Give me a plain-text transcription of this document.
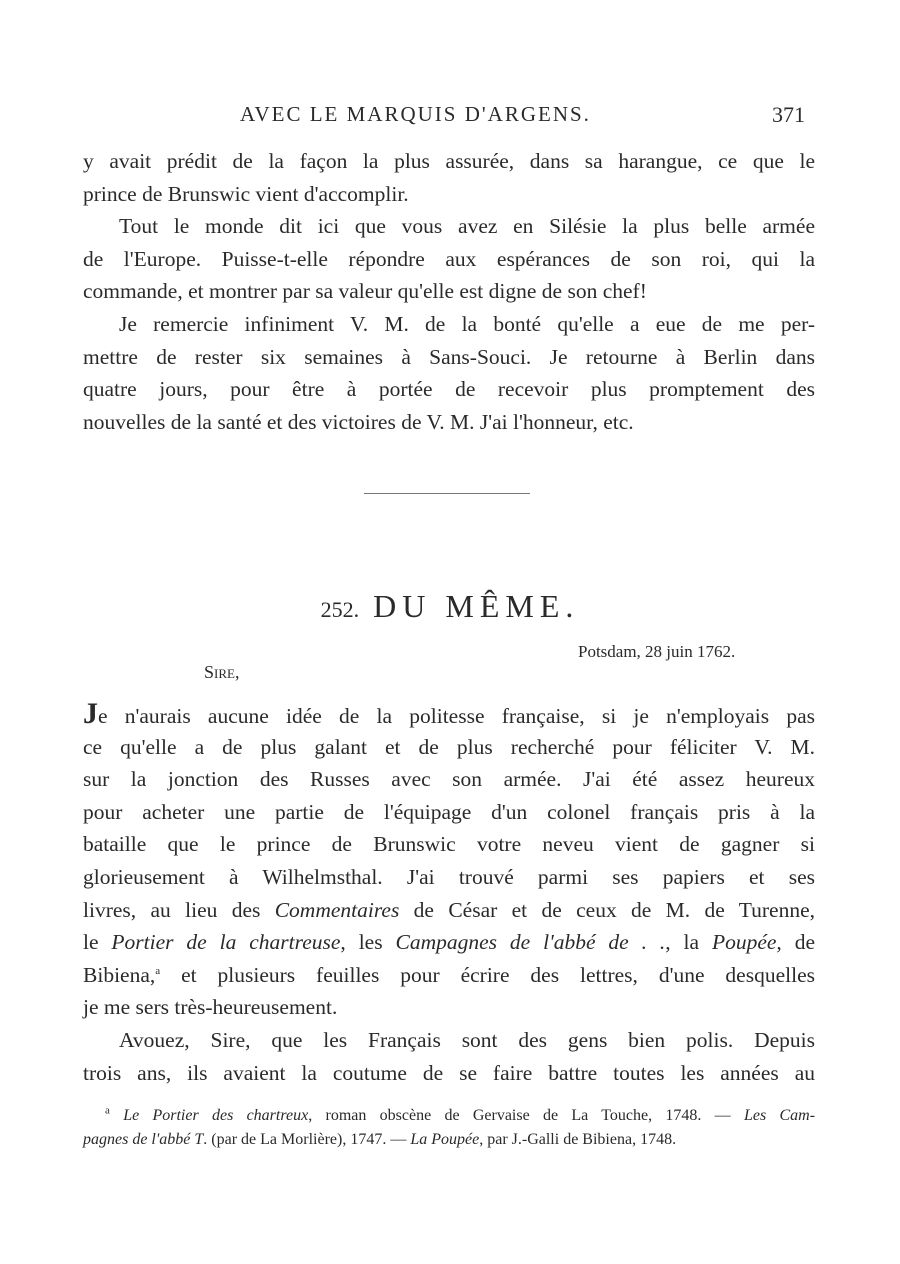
AVEC LE MARQUIS D'ARGENS.	371
y avait prédit de la façon la plus assurée, dans sa harangue, ce que le
prince de Brunswic vient d'accomplir.
Tout le monde dit ici que vous avez en Silésie la plus belle armée
de l'Europe. Puisse-t-elle répondre aux espérances de son roi, qui la
commande, et montrer par sa valeur qu'elle est digne de son chef!
Je remercie infiniment V. M. de la bonté qu'elle a eue de me per-
mettre de rester six semaines à Sans-Souci. Je retourne à Berlin dans
quatre jours, pour être à portée de recevoir plus promptement des
nouvelles de la santé et des victoires de V. M. J'ai l'honneur, etc.
252. DU MÊME.
Potsdam, 28 juin 1762.
Sire,
Je n'aurais aucune idée de la politesse française, si je n'employais pas
ce qu'elle a de plus galant et de plus recherché pour féliciter V. M.
sur la jonction des Russes avec son armée. J'ai été assez heureux
pour acheter une partie de l'équipage d'un colonel français pris à la
bataille que le prince de Brunswic votre neveu vient de gagner si
glorieusement à Wilhelmsthal. J'ai trouvé parmi ses papiers et ses
livres, au lieu des Commentaires de César et de ceux de M. de Turenne,
le Portier de la chartreuse, les Campagnes de l'abbé de . ., la Poupée, de
Bibiena,$^a$ et plusieurs feuilles pour écrire des lettres, d'une desquelles
je me sers très-heureusement.
Avouez, Sire, que les Français sont des gens bien polis. Depuis
trois ans, ils avaient la coutume de se faire battre toutes les années au
$^a$ Le Portier des chartreux, roman obscène de Gervaise de La Touche, 1748. — Les Cam-
pagnes de l'abbé T. (par de La Morlière), 1747. — La Poupée, par J.-Galli de Bibiena, 1748.
